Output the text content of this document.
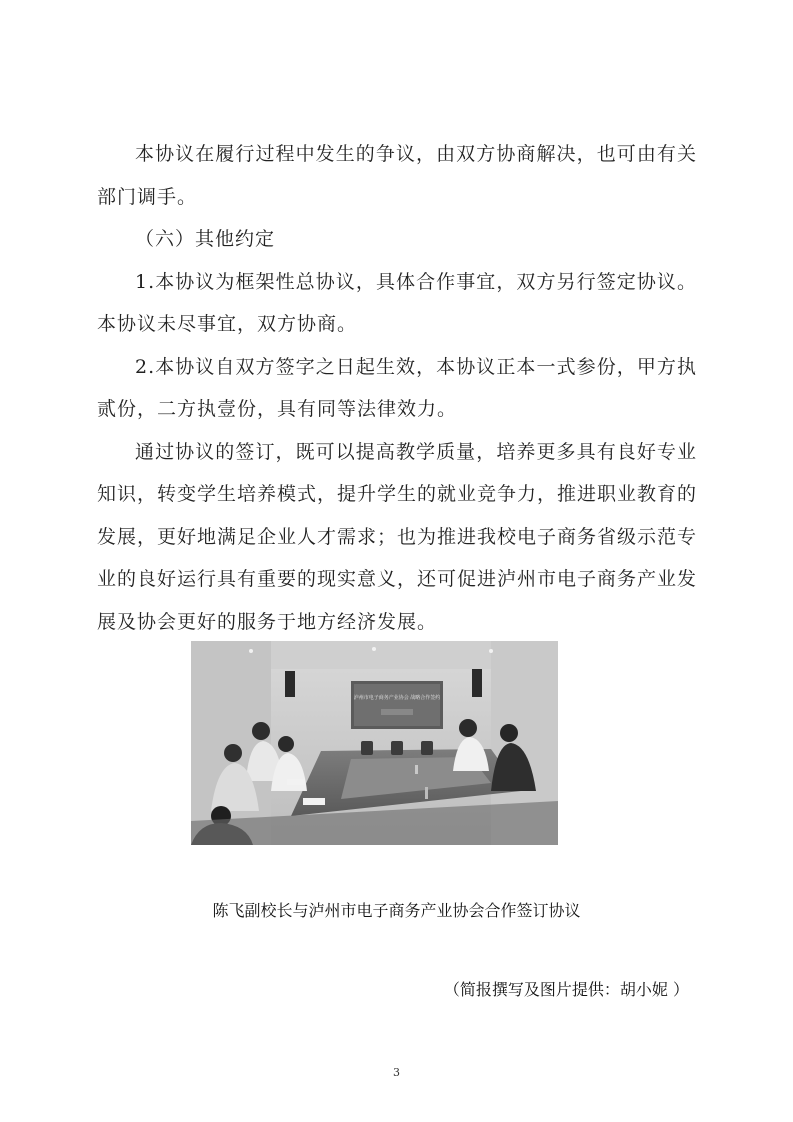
本协议在履行过程中发生的争议，由双方协商解决，也可由有关部门调手。

（六）其他约定

1.本协议为框架性总协议，具体合作事宜，双方另行签定协议。本协议未尽事宜，双方协商。

2.本协议自双方签字之日起生效，本协议正本一式参份，甲方执贰份，二方执壹份，具有同等法律效力。

通过协议的签订，既可以提高教学质量，培养更多具有良好专业知识，转变学生培养模式，提升学生的就业竞争力，推进职业教育的发展，更好地满足企业人才需求；也为推进我校电子商务省级示范专业的良好运行具有重要的现实意义，还可促进泸州市电子商务产业发展及协会更好的服务于地方经济发展。

泸州市电子商务产业协会 战略合作签约
陈飞副校长与泸州市电子商务产业协会合作签订协议
（简报撰写及图片提供：胡小妮 ）
3
